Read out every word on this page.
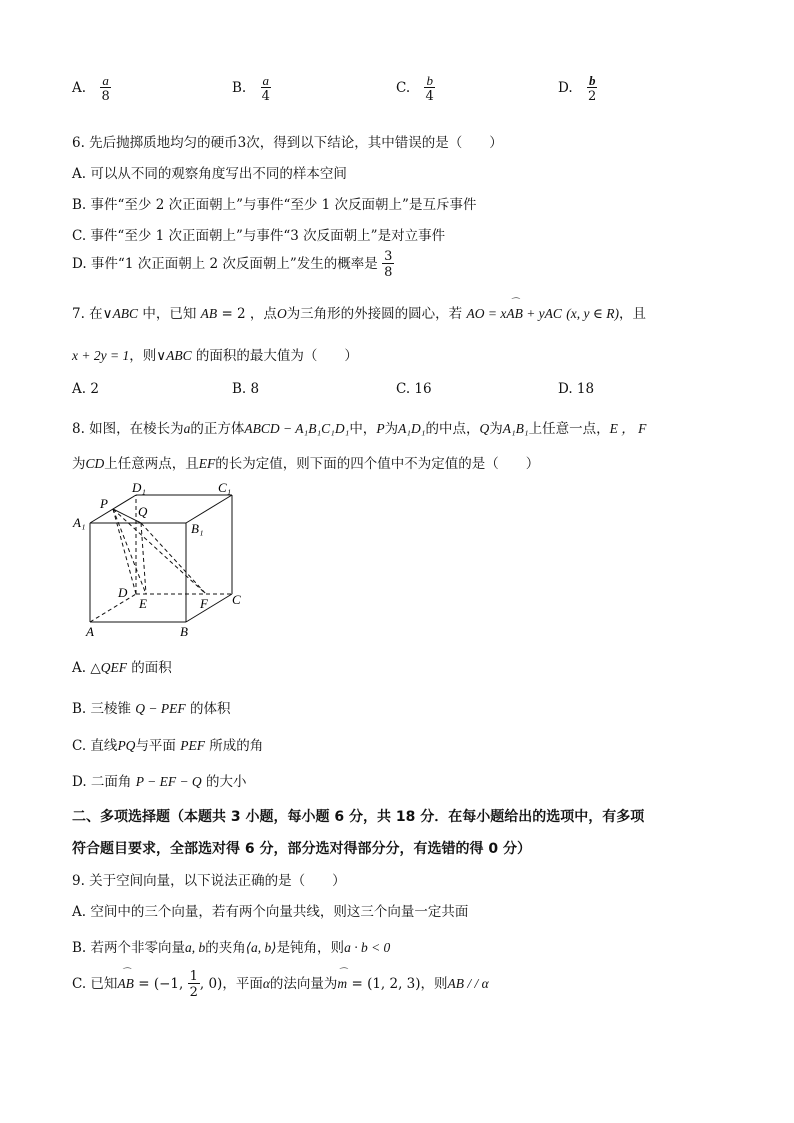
A. $\frac{a}{8}$	B. $\frac{a}{4}$	C. $\frac{b}{4}$	D. $\frac{b}{2}$
6. 先后抛掷质地均匀的硬币3次，得到以下结论，其中错误的是（　　）
A. 可以从不同的观察角度写出不同的样本空间
B. 事件“至少 2 次正面朝上”与事件“至少 1 次反面朝上”是互斥事件
C. 事件“至少 1 次正面朝上”与事件“3 次反面朝上”是对立事件
D. 事件“1 次正面朝上 2 次反面朝上”发生的概率是 $\frac{3}{8}$
7. 在∨ABC 中，已知 AB = 2 ，点O为三角形的外接圆的圆心，若 ⌒ AO = xAB + yAC (x, y ∈ R)，且
x + 2y = 1，则∨ABC 的面积的最大值为（　　）
A. 2	B. 8	C. 16	D. 18
8. 如图，在棱长为a的正方体ABCD − A₁B₁C₁D₁中，P为A₁D₁的中点，Q为A₁B₁上任意一点，E ， F
为CD上任意两点，且EF的长为定值，则下面的四个值中不为定值的是（　　）
D₁	C₁
P
Q
A₁	B₁
D
E	F C
A	B
A. △QEF 的面积
B. 三棱锥 Q − PEF 的体积
C. 直线PQ与平面 PEF 所成的角
D. 二面角 P − EF − Q 的大小
二、多项选择题（本题共 3 小题，每小题 6 分，共 18 分．在每小题给出的选项中，有多项
符合题目要求，全部选对得 6 分，部分选对得部分分，有选错的得 0 分）
9. 关于空间向量，以下说法正确的是（　　）
A. 空间中的三个向量，若有两个向量共线，则这三个向量一定共面
B. 若两个非零向量a, b的夹角⟨a, b⟩是钝角，则a · b < 0
C. 已知⌒ AB = (−1, $\frac{1}{2}$ , 0)，平面α的法向量为⌒ m = (1, 2, 3)，则AB / / α
